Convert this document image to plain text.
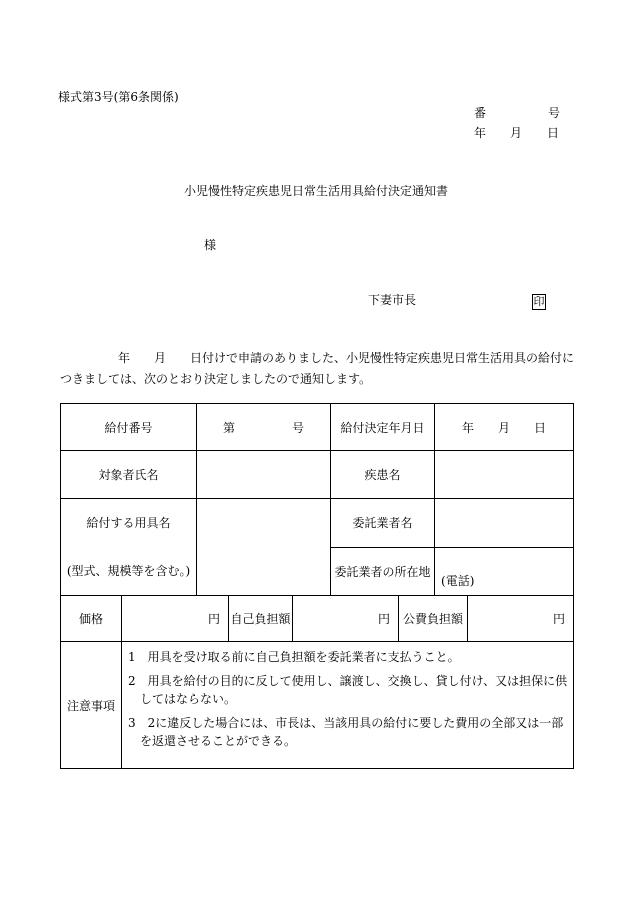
様式第3号(第6条関係)
番	号
年 月 日
小児慢性特定疾患児日常生活用具給付決定通知書
様
下妻市長	印
年　　月　　日付けで申請のありました、小児慢性特定疾患児日常生活用具の給付に
つきましては、次のとおり決定しましたので通知します。
給付番号		第 号			給付決定年月日		年　　月　　日	
対象者氏名					疾患名			

給付する用具名
(型式、規模等を含む。)					委託業者名			
					委託業者の所在地		(電話)	
価格	円		自己負担額	円		公費負担額		円
注意事項	1　用具を受け取る前に自己負担額を委託業者に支払うこと。
2　用具を給付の目的に反して使用し、譲渡し、交換し、貸し付け、又は担保に供してはならない。
3　2に違反した場合には、市長は、当該用具の給付に要した費用の全部又は一部を返還させることができる。							
